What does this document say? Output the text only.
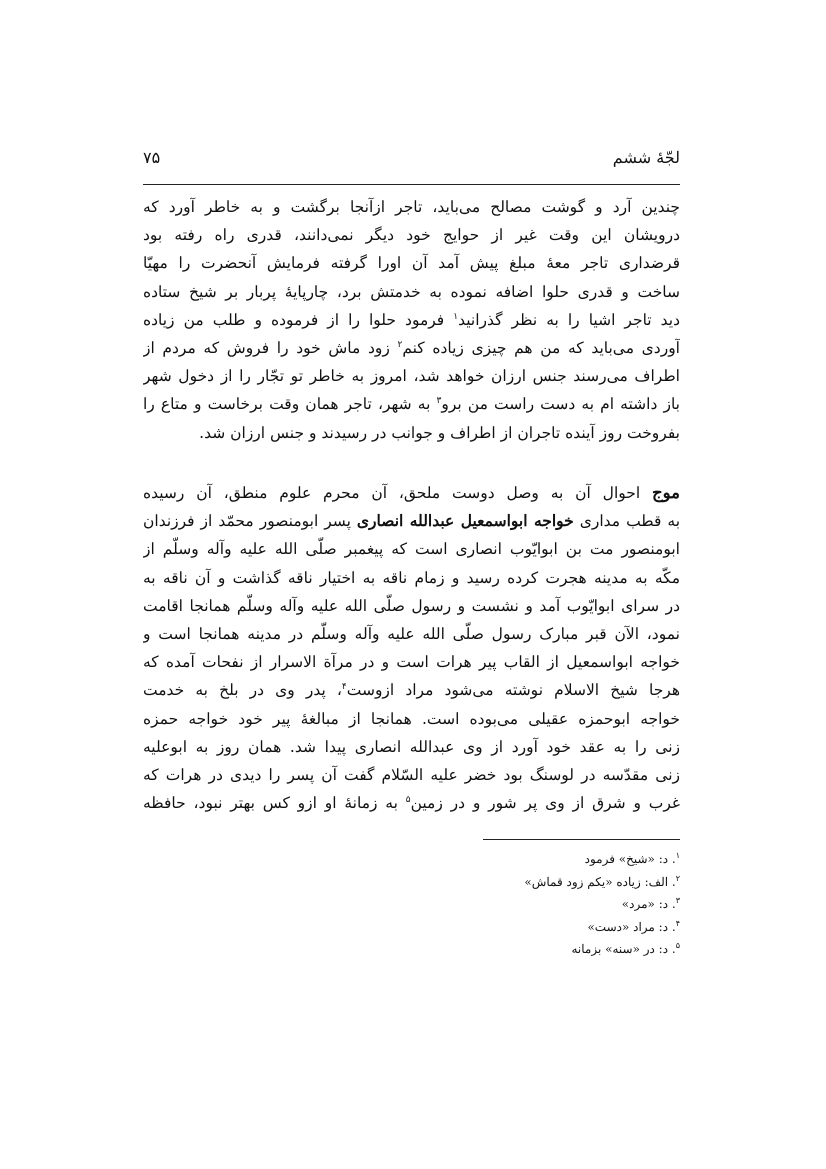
لجّهٔ ششم
۷۵
چندین آرد و گوشت مصالح می‌باید، تاجر ازآنجا برگشت و به خاطر آورد که
درویشان این وقت غیر از حوایج خود دیگر نمی‌دانند، قدری راه رفته بود
قرضداری تاجر معهٔ مبلغ پیش آمد آن اورا گرفته فرمایش آنحضرت را مهیّا
ساخت و قدری حلوا اضافه نموده به خدمتش برد، چارپایهٔ پربار بر شیخ ستاده
دید تاجر اشیا را به نظر گذرانید$^۱$ فرمود حلوا را از فرموده و طلب من زیاده
آوردی می‌باید که من هم چیزی زیاده کنم$^۲$ زود ماش خود را فروش که مردم از
اطراف می‌رسند جنس ارزان خواهد شد، امروز به خاطر تو تجّار را از دخول شهر
باز داشته ام به دست راست من برو$^۳$ به شهر، تاجر همان وقت برخاست و متاع را
بفروخت روز آینده تاجران از اطراف و جوانب در رسیدند و جنس ارزان شد.
موج احوال آن به وصل دوست ملحق، آن محرم علوم منطق، آن رسیده
به قطب مداری خواجه ابواسمعیل عبدالله انصاری پسر ابومنصور محمّد از فرزندان
ابومنصور مت بن ابوایّوب انصاری است که پیغمبر صلّی الله علیه وآله وسلّم از
مکّه به مدینه هجرت کرده رسید و زمام ناقه به اختیار ناقه گذاشت و آن ناقه به
در سرای ابوایّوب آمد و نشست و رسول صلّی الله علیه وآله وسلّم همانجا اقامت
نمود، الآن قبر مبارک رسول صلّی الله علیه وآله وسلّم در مدینه همانجا است و
خواجه ابواسمعیل از القاب پیر هرات است و در مرآة الاسرار از نفحات آمده که
هرجا شیخ الاسلام نوشته می‌شود مراد ازوست$^۴$، پدر وی در بلخ به خدمت
خواجه ابوحمزه عقیلی می‌بوده است. همانجا از مبالغهٔ پیر خود خواجه حمزه
زنی را به عقد خود آورد از وی عبدالله انصاری پیدا شد. همان روز به ابوعلیه
زنی مقدّسه در لوسنگ بود خضر علیه السّلام گفت آن پسر را دیدی در هرات که
غرب و شرق از وی پر شور و در زمین$^۵$ به زمانهٔ او ازو کس بهتر نبود، حافظه
$^۱$. د: «شیخ» فرمود
$^۲$. الف: زیاده «یکم زود قماش»
$^۳$. د: «مرد»
$^۴$. د: مراد «دست»
$^۵$. د: در «سنه» بزمانه
